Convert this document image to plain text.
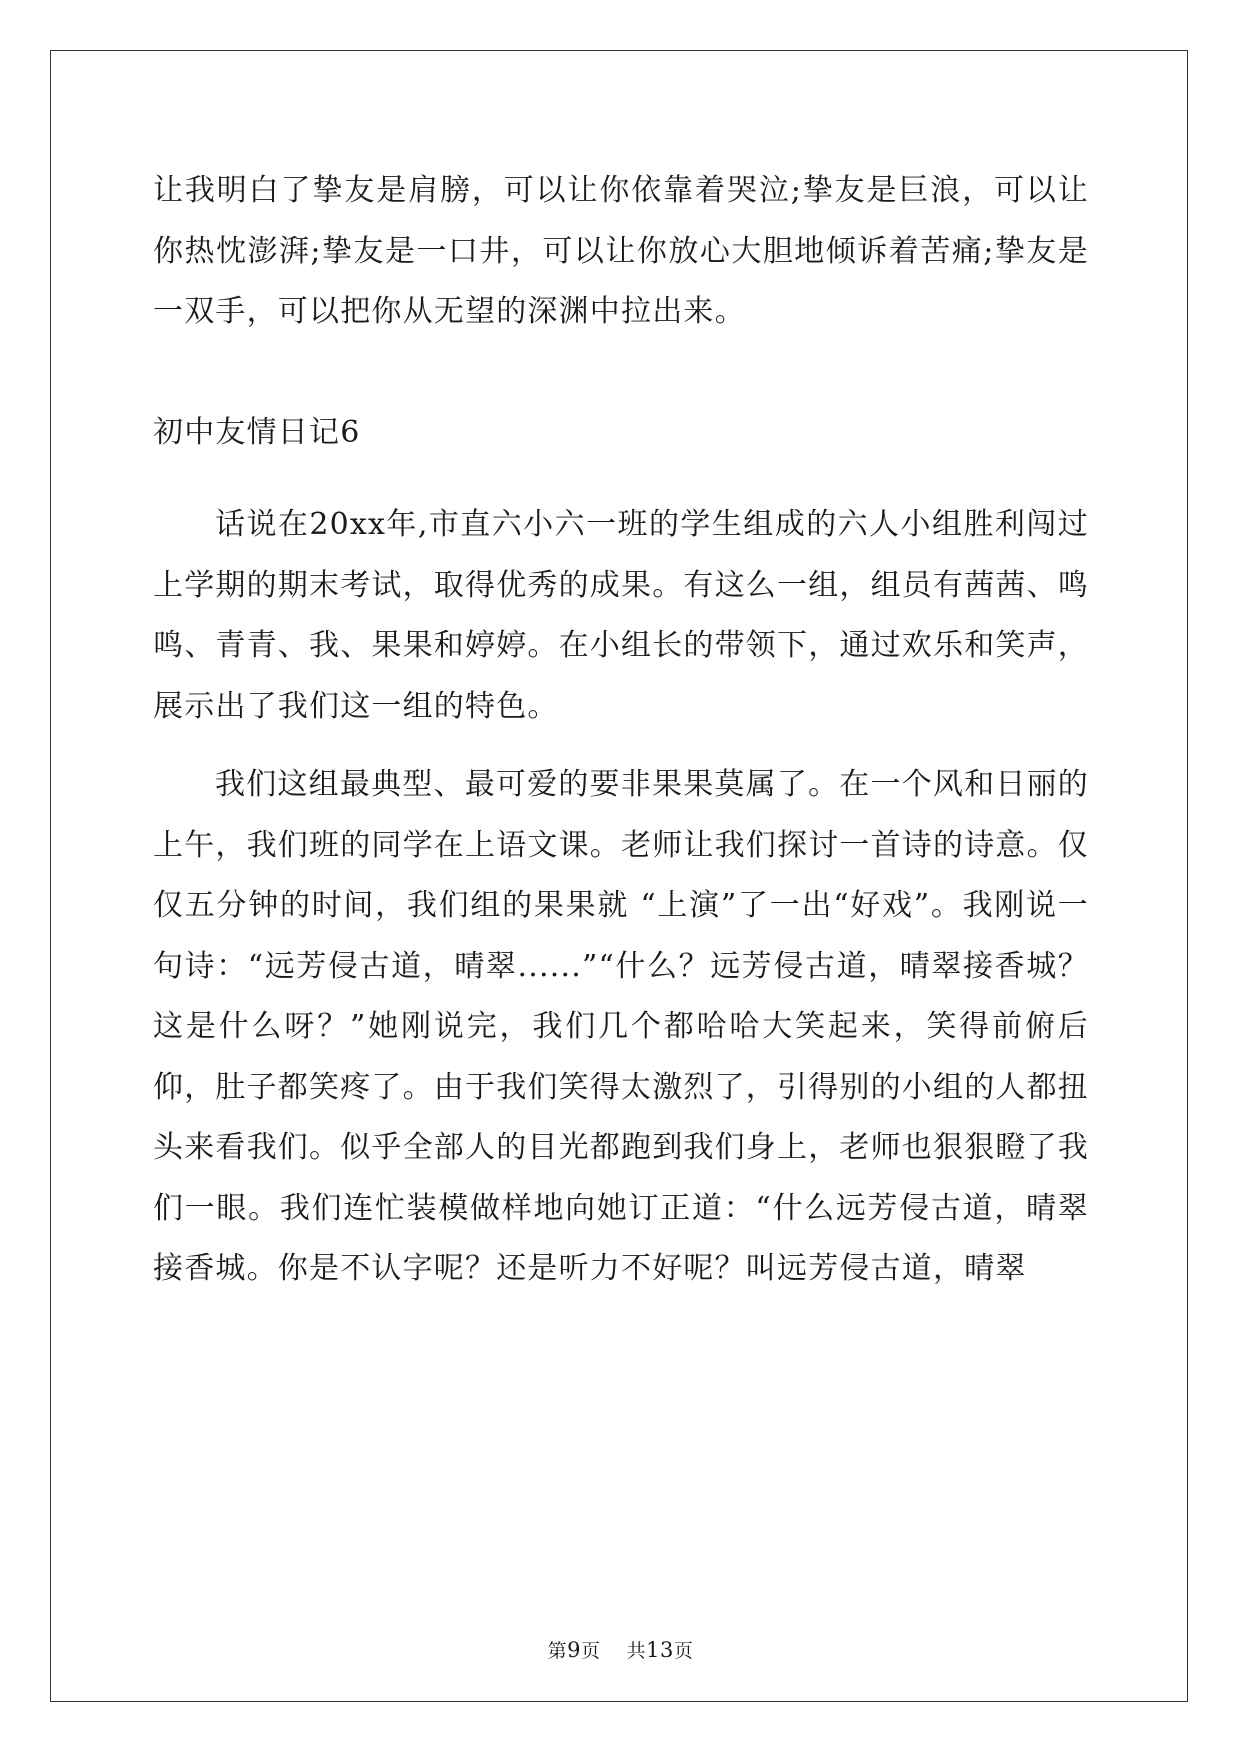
让我明白了挚友是肩膀，可以让你依靠着哭泣;挚友是巨浪，可以让你热忱澎湃;挚友是一口井，可以让你放心大胆地倾诉着苦痛;挚友是一双手，可以把你从无望的深渊中拉出来。

初中友情日记6

话说在20xx年,市直六小六一班的学生组成的六人小组胜利闯过上学期的期末考试，取得优秀的成果。有这么一组，组员有茜茜、鸣鸣、青青、我、果果和婷婷。在小组长的带领下，通过欢乐和笑声，展示出了我们这一组的特色。

我们这组最典型、最可爱的要非果果莫属了。在一个风和日丽的上午，我们班的同学在上语文课。老师让我们探讨一首诗的诗意。仅仅五分钟的时间，我们组的果果就 “上演”了一出“好戏”。我刚说一句诗：“远芳侵古道，晴翠......”“什么？远芳侵古道，晴翠接香城？这是什么呀？”她刚说完，我们几个都哈哈大笑起来，笑得前俯后仰，肚子都笑疼了。由于我们笑得太激烈了，引得别的小组的人都扭头来看我们。似乎全部人的目光都跑到我们身上，老师也狠狠瞪了我们一眼。我们连忙装模做样地向她订正道：“什么远芳侵古道，晴翠接香城。你是不认字呢？还是听力不好呢？叫远芳侵古道，晴翠

第9页 共13页
